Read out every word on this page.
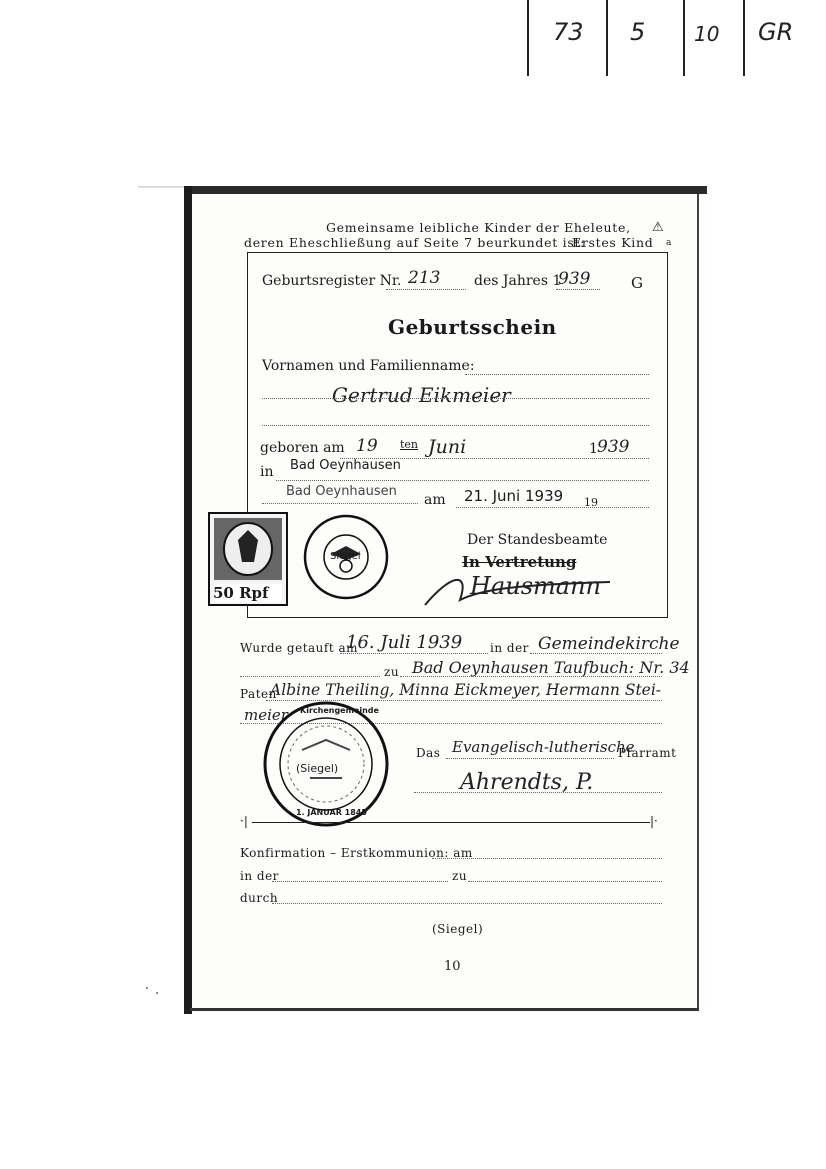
73 5 10 GR
Gemeinsame leibliche Kinder der Eheleute,
deren Eheschließung auf Seite 7 beurkundet ist:
Erstes Kind
⚠
a
Geburtsregister Nr. 213 des Jahres 1
939	G
Geburtsschein
Vornamen und Familienname:
Gertrud Eikmeier
geboren am 19 ten Juni	1 939
in Bad Oeynhausen
Bad Oeynhausen
am 21. Juni 1939 19
Der Standesbeamte
In Vertretung
Hausmann
50 Rpf
Siegel
Wurde getauft am
16. Juli 1939 in der Gemeindekirche
zu Bad Oeynhausen Taufbuch: Nr. 34
Paten
Albine Theiling, Minna Eickmeyer, Hermann Stei-
meier
(Siegel)
1. JANUAR 1845
Kirchengemeinde
Das Evangelisch-lutherische
Pfarramt
Ahrendts, P.
·|	|·
Konfirmation – Erstkommunion: am
in der	zu
durch
(Siegel)
10
